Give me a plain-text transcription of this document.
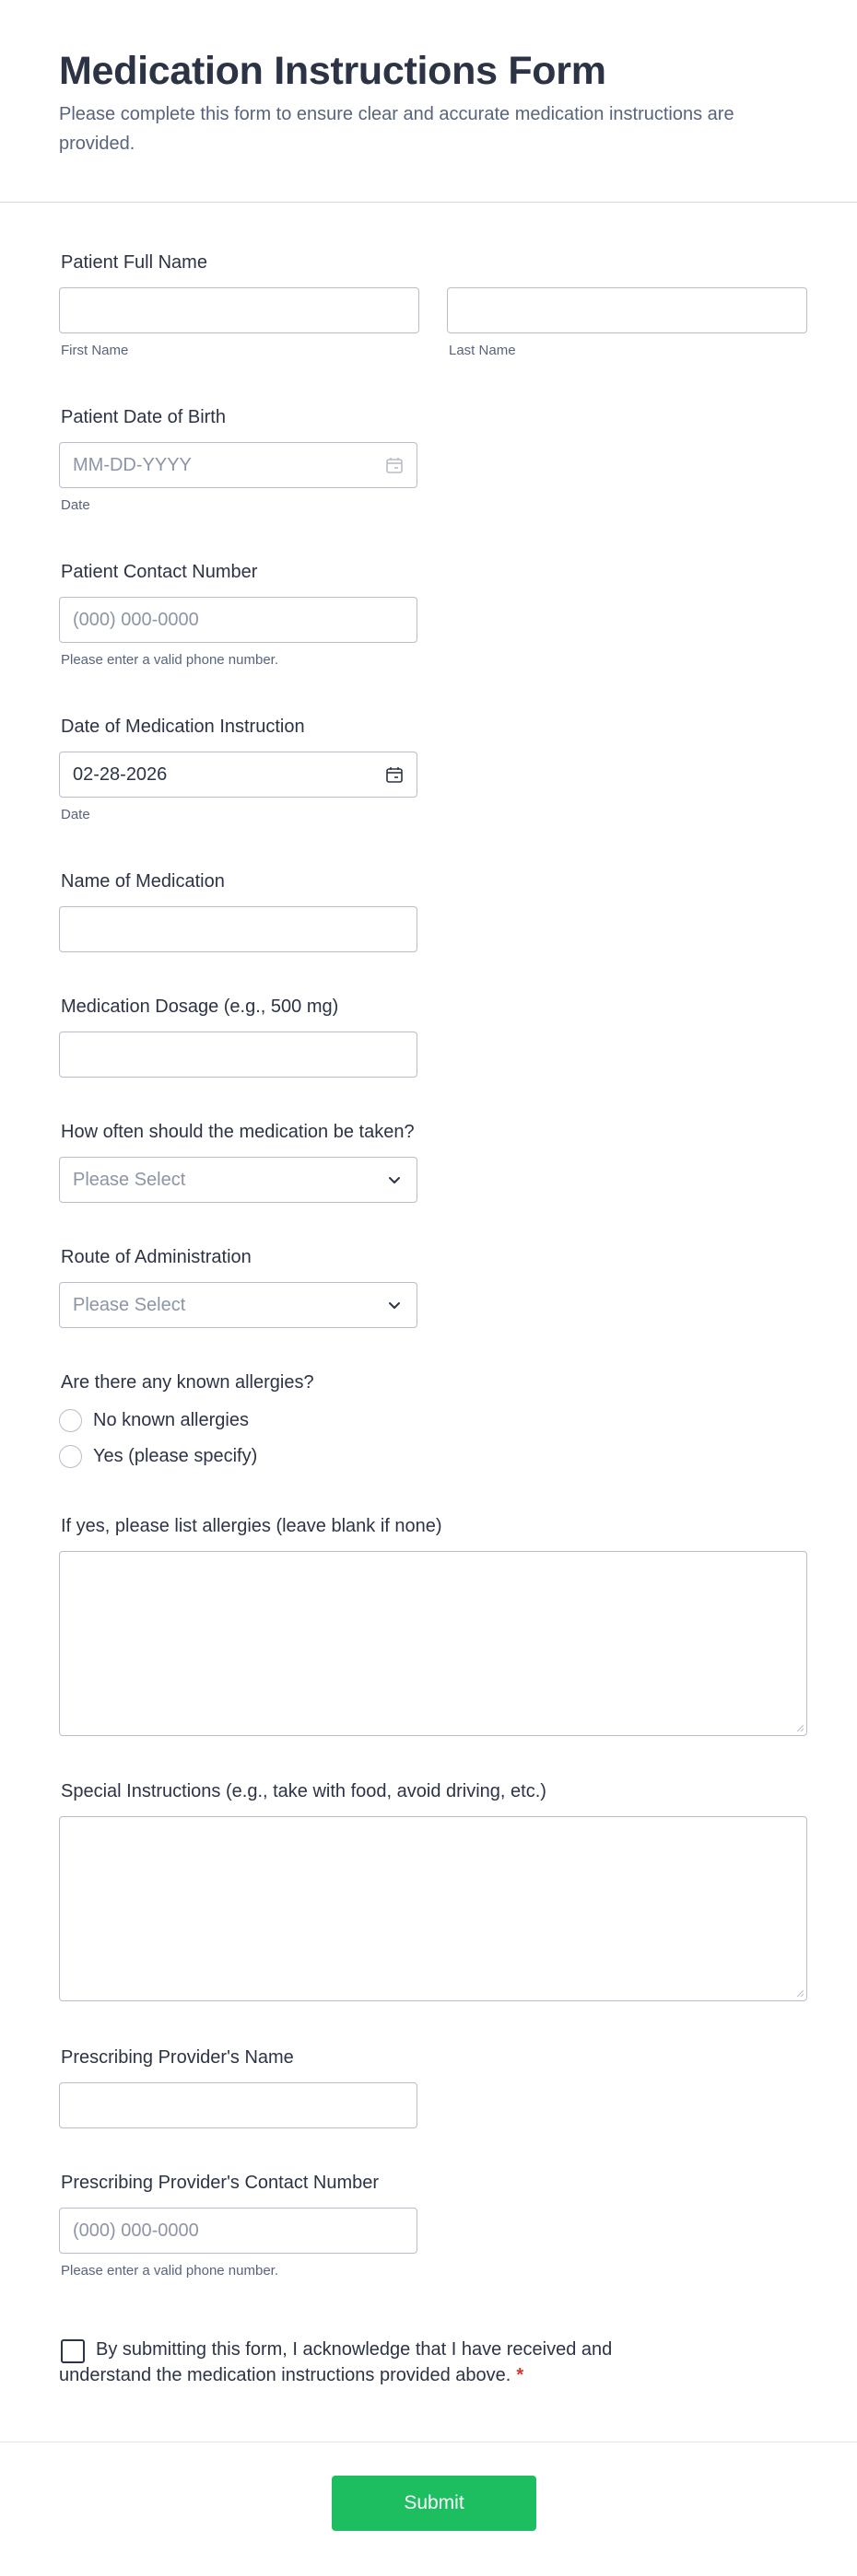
Medication Instructions Form

Please complete this form to ensure clear and accurate medication instructions are provided.

Patient Full Name
First Name	Last Name
Patient Date of Birth
MM-DD-YYYY
Date
Patient Contact Number
(000) 000-0000
Please enter a valid phone number.
Date of Medication Instruction
02-28-2026
Date
Name of Medication
Medication Dosage (e.g., 500 mg)
How often should the medication be taken?
Please Select
Route of Administration
Please Select
Are there any known allergies?
No known allergies
Yes (please specify)
If yes, please list allergies (leave blank if none)
Special Instructions (e.g., take with food, avoid driving, etc.)
Prescribing Provider's Name
Prescribing Provider's Contact Number
(000) 000-0000
Please enter a valid phone number.
By submitting this form, I acknowledge that I have received and understand the medication instructions provided above. *
Submit
